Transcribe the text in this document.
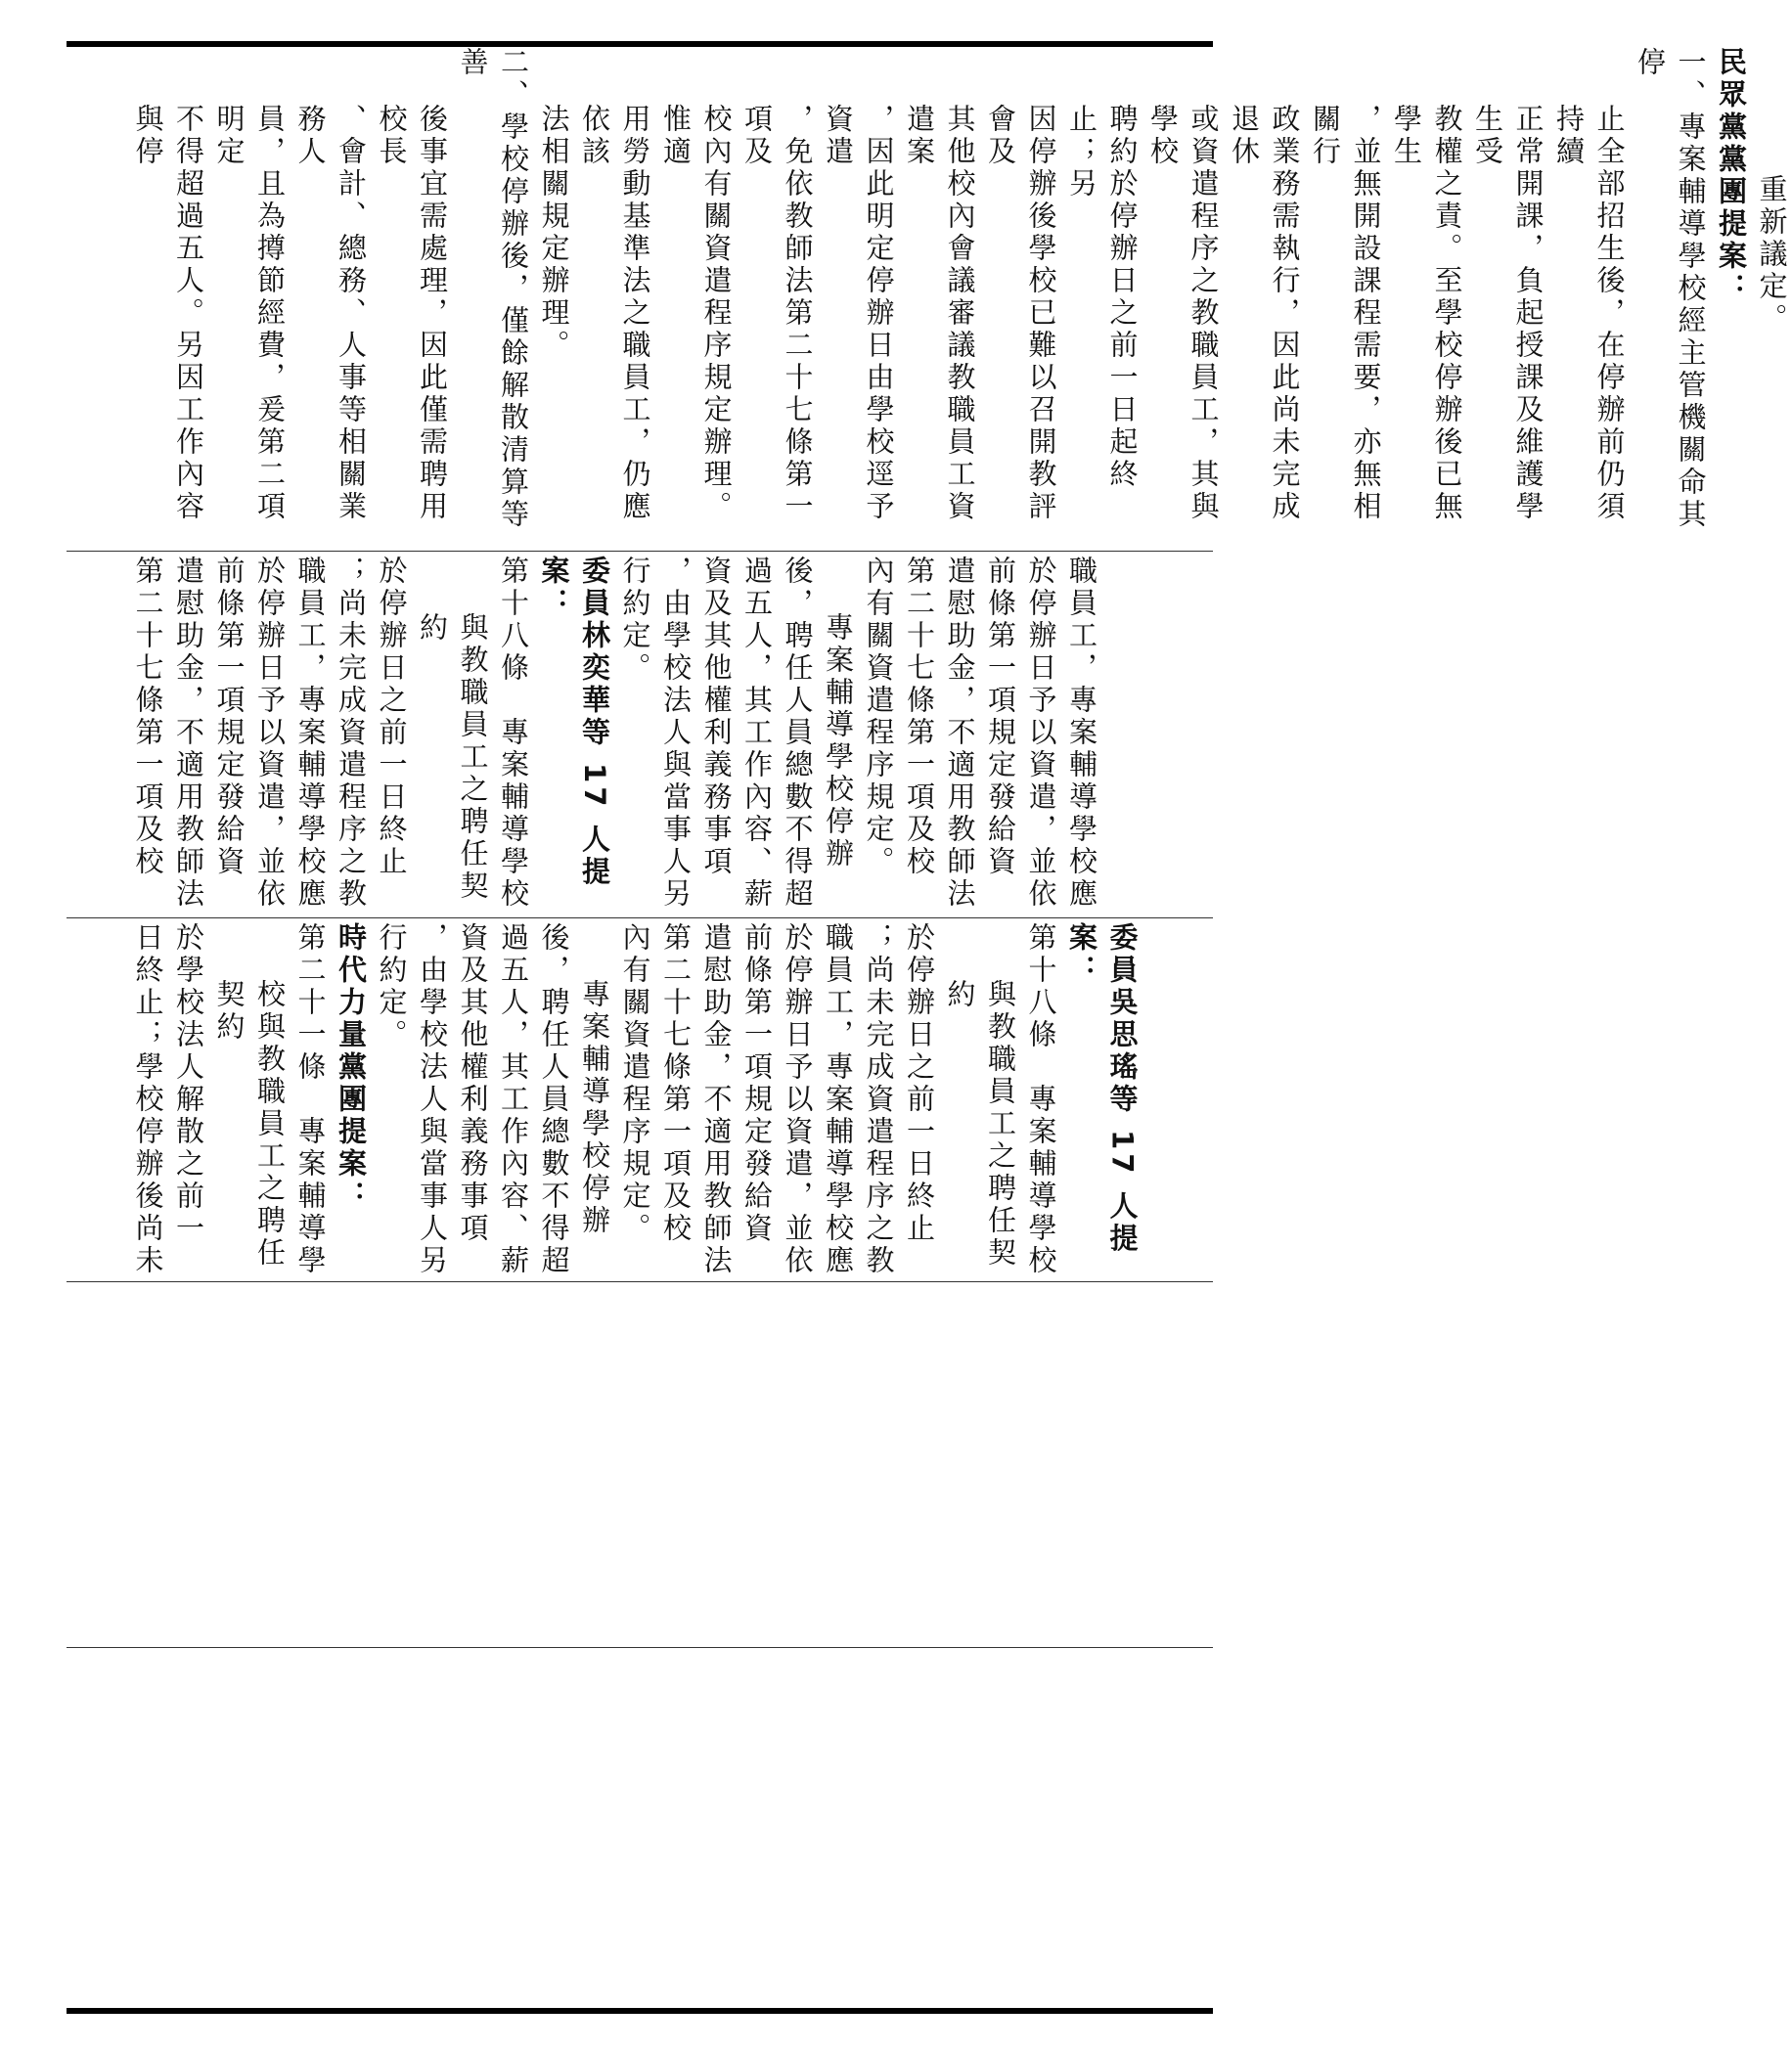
重新議定。

民眾黨黨團提案：

一、專案輔導學校經主管機關命其停

止全部招生後，在停辦前仍須持續

正常開課，負起授課及維護學生受

教權之責。至學校停辦後已無學生

，並無開設課程需要，亦無相關行

政業務需執行，因此尚未完成退休

或資遣程序之教職員工，其與學校

聘約於停辦日之前一日起終止；另

因停辦後學校已難以召開教評會及

其他校內會議審議教職員工資遣案

，因此明定停辦日由學校逕予資遣

，免依教師法第二十七條第一項及

校內有關資遣程序規定辦理。惟適

用勞動基準法之職員工，仍應依該

法相關規定辦理。

二、學校停辦後，僅餘解散清算等善

後事宜需處理，因此僅需聘用校長

、會計、總務、人事等相關業務人

員，且為撙節經費，爰第二項明定

不得超過五人。另因工作內容與停

職員工，專案輔導學校應

於停辦日予以資遣，並依

前條第一項規定發給資

遣慰助金，不適用教師法

第二十七條第一項及校

內有關資遣程序規定。

專案輔導學校停辦

後，聘任人員總數不得超

過五人，其工作內容、薪

資及其他權利義務事項

，由學校法人與當事人另

行約定。

委員林奕華等 17 人提案：

第十八條　專案輔導學校

與教職員工之聘任契約

於停辦日之前一日終止

；尚未完成資遣程序之教

職員工，專案輔導學校應

於停辦日予以資遣，並依

前條第一項規定發給資

遣慰助金，不適用教師法

第二十七條第一項及校

委員吳思瑤等 17 人提案：

第十八條　專案輔導學校

與教職員工之聘任契約

於停辦日之前一日終止

；尚未完成資遣程序之教

職員工，專案輔導學校應

於停辦日予以資遣，並依

前條第一項規定發給資

遣慰助金，不適用教師法

第二十七條第一項及校

內有關資遣程序規定。

專案輔導學校停辦

後，聘任人員總數不得超

過五人，其工作內容、薪

資及其他權利義務事項

，由學校法人與當事人另

行約定。

時代力量黨團提案：

第二十一條　專案輔導學

校與教職員工之聘任契約

於學校法人解散之前一

日終止；學校停辦後尚未
